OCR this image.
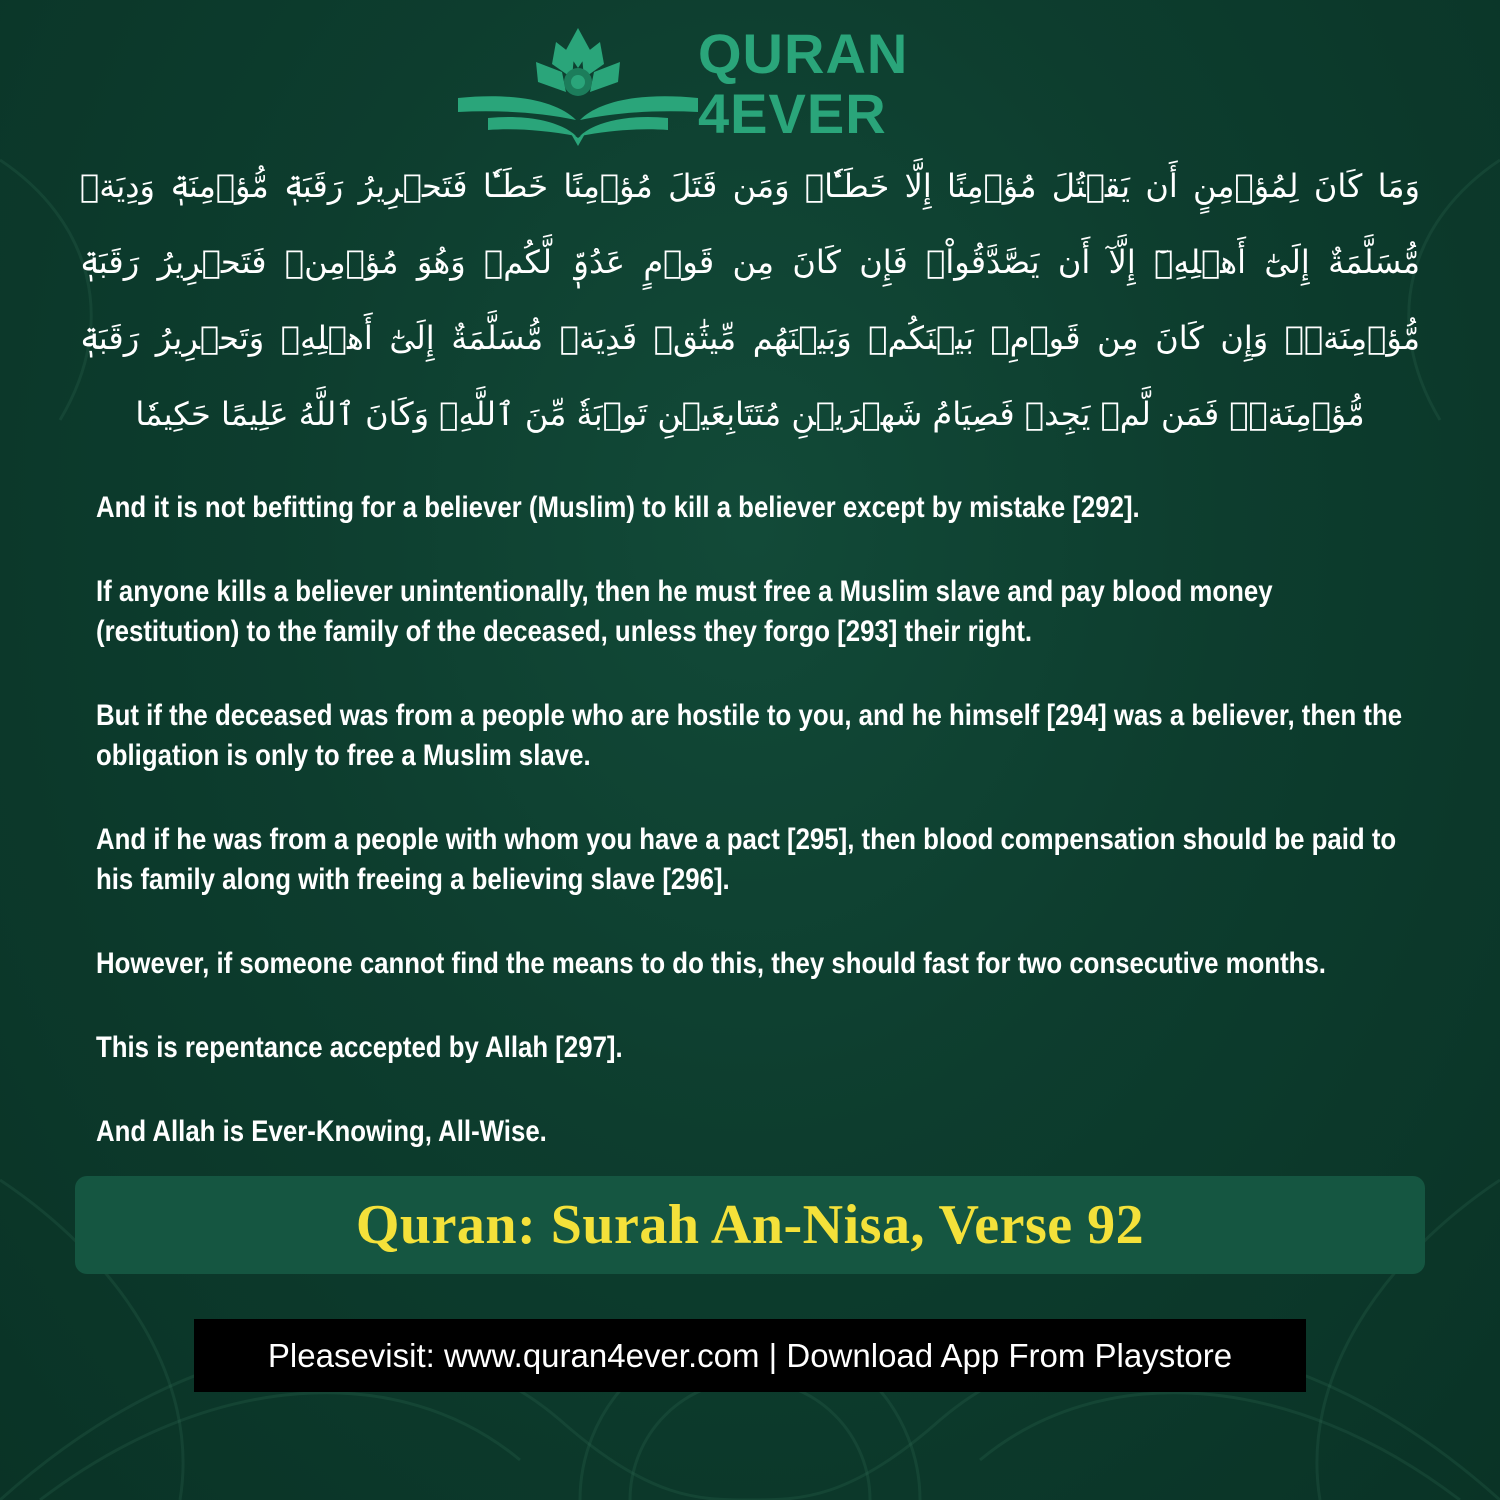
QURAN
4EVER
وَمَا كَانَ لِمُؤۡمِنٍ أَن يَقۡتُلَ مُؤۡمِنًا إِلَّا خَطَـٔٗاۚ وَمَن قَتَلَ مُؤۡمِنًا خَطَـٔٗا فَتَحۡرِيرُ رَقَبَةٖ مُّؤۡمِنَةٖ وَدِيَةٞ مُّسَلَّمَةٌ إِلَىٰٓ أَهۡلِهِۦٓ إِلَّآ أَن يَصَّدَّقُواْۚ فَإِن كَانَ مِن قَوۡمٍ عَدُوّٖ لَّكُمۡ وَهُوَ مُؤۡمِنٞ فَتَحۡرِيرُ رَقَبَةٖ مُّؤۡمِنَةٖۖ وَإِن كَانَ مِن قَوۡمِۭ بَيۡنَكُمۡ وَبَيۡنَهُم مِّيثَٰقٞ فَدِيَةٞ مُّسَلَّمَةٌ إِلَىٰٓ أَهۡلِهِۦ وَتَحۡرِيرُ رَقَبَةٖ مُّؤۡمِنَةٖۖ فَمَن لَّمۡ يَجِدۡ فَصِيَامُ شَهۡرَيۡنِ مُتَتَابِعَيۡنِ تَوۡبَةٗ مِّنَ ٱللَّهِۗ وَكَانَ ٱللَّهُ عَلِيمًا حَكِيمٗا

And it is not befitting for a believer (Muslim) to kill a believer except by mistake [292].

If anyone kills a believer unintentionally, then he must free a Muslim slave and pay blood money (restitution) to the family of the deceased, unless they forgo [293] their right.

But if the deceased was from a people who are hostile to you, and he himself [294] was a believer, then the obligation is only to free a Muslim slave.

And if he was from a people with whom you have a pact [295], then blood compensation should be paid to his family along with freeing a believing slave [296].

However, if someone cannot find the means to do this, they should fast for two consecutive months.

This is repentance accepted by Allah [297].

And Allah is Ever-Knowing, All-Wise.

Quran: Surah An-Nisa, Verse 92
Pleasevisit: www.quran4ever.com | Download App From Playstore
